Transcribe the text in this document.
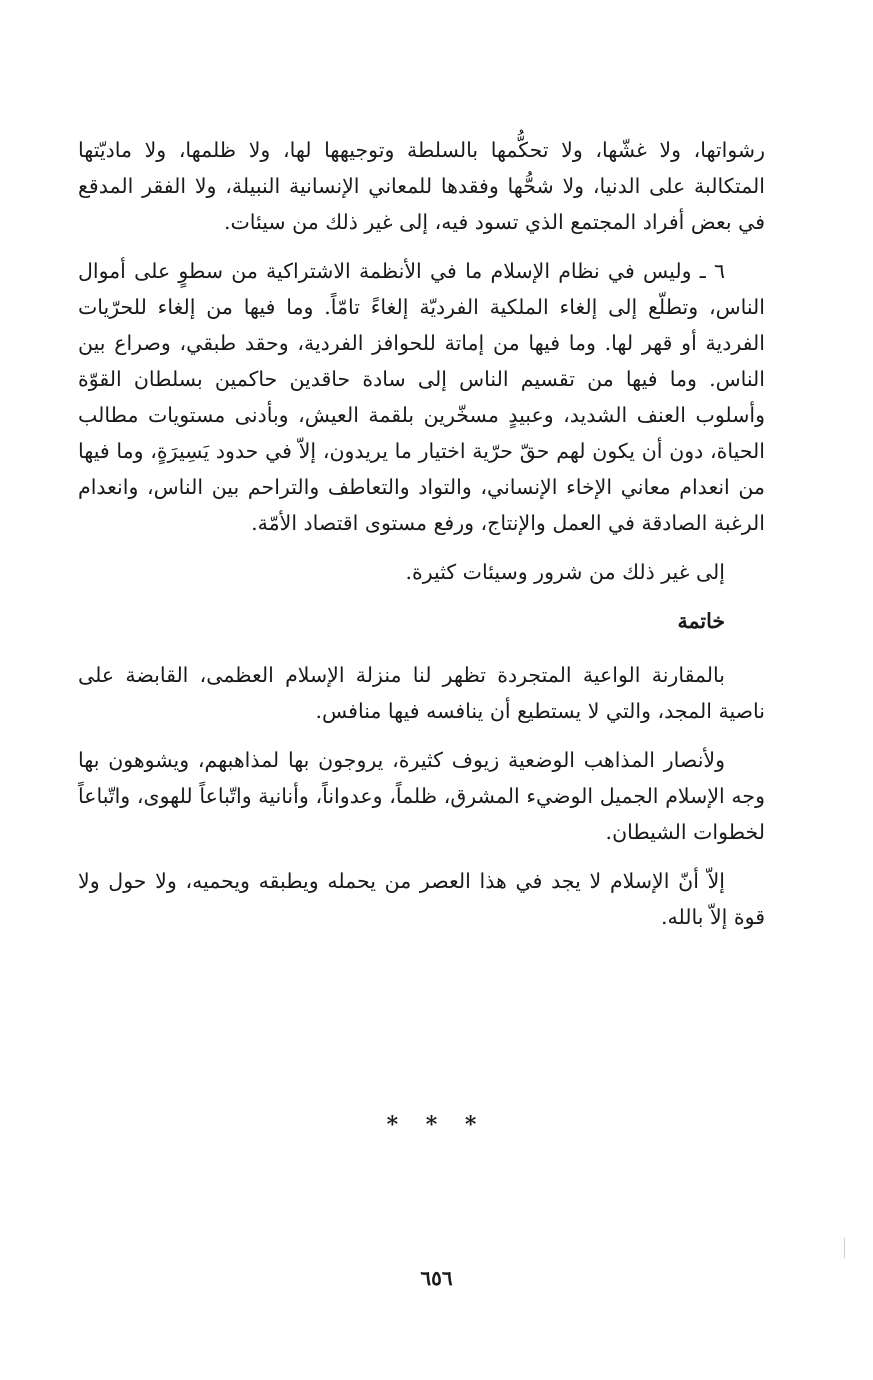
رشواتها، ولا غشّها، ولا تحكُّمها بالسلطة وتوجيهها لها، ولا ظلمها، ولا ماديّتها المتكالبة على الدنيا، ولا شحُّها وفقدها للمعاني الإنسانية النبيلة، ولا الفقر المدقع في بعض أفراد المجتمع الذي تسود فيه، إلى غير ذلك من سيئات.

٦ ـ وليس في نظام الإسلام ما في الأنظمة الاشتراكية من سطوٍ على أموال الناس، وتطلّع إلى إلغاء الملكية الفرديّة إلغاءً تامّاً. وما فيها من إلغاء للحرّيات الفردية أو قهر لها. وما فيها من إماتة للحوافز الفردية، وحقد طبقي، وصراع بين الناس. وما فيها من تقسيم الناس إلى سادة حاقدين حاكمين بسلطان القوّة وأسلوب العنف الشديد، وعبيدٍ مسخّرين بلقمة العيش، وبأدنى مستويات مطالب الحياة، دون أن يكون لهم حقّ حرّية اختيار ما يريدون، إلاّ في حدود يَسِيرَةٍ، وما فيها من انعدام معاني الإخاء الإنساني، والتواد والتعاطف والتراحم بين الناس، وانعدام الرغبة الصادقة في العمل والإنتاج، ورفع مستوى اقتصاد الأمّة.

إلى غير ذلك من شرور وسيئات كثيرة.

خاتمة

بالمقارنة الواعية المتجردة تظهر لنا منزلة الإسلام العظمى، القابضة على ناصية المجد، والتي لا يستطيع أن ينافسه فيها منافس.

ولأنصار المذاهب الوضعية زيوف كثيرة، يروجون بها لمذاهبهم، ويشوهون بها وجه الإسلام الجميل الوضيء المشرق، ظلماً، وعدواناً، وأنانية واتّباعاً للهوى، واتّباعاً لخطوات الشيطان.

إلاّ أنّ الإسلام لا يجد في هذا العصر من يحمله ويطبقه ويحميه، ولا حول ولا قوة إلاّ بالله.

* * *
٦٥٦
